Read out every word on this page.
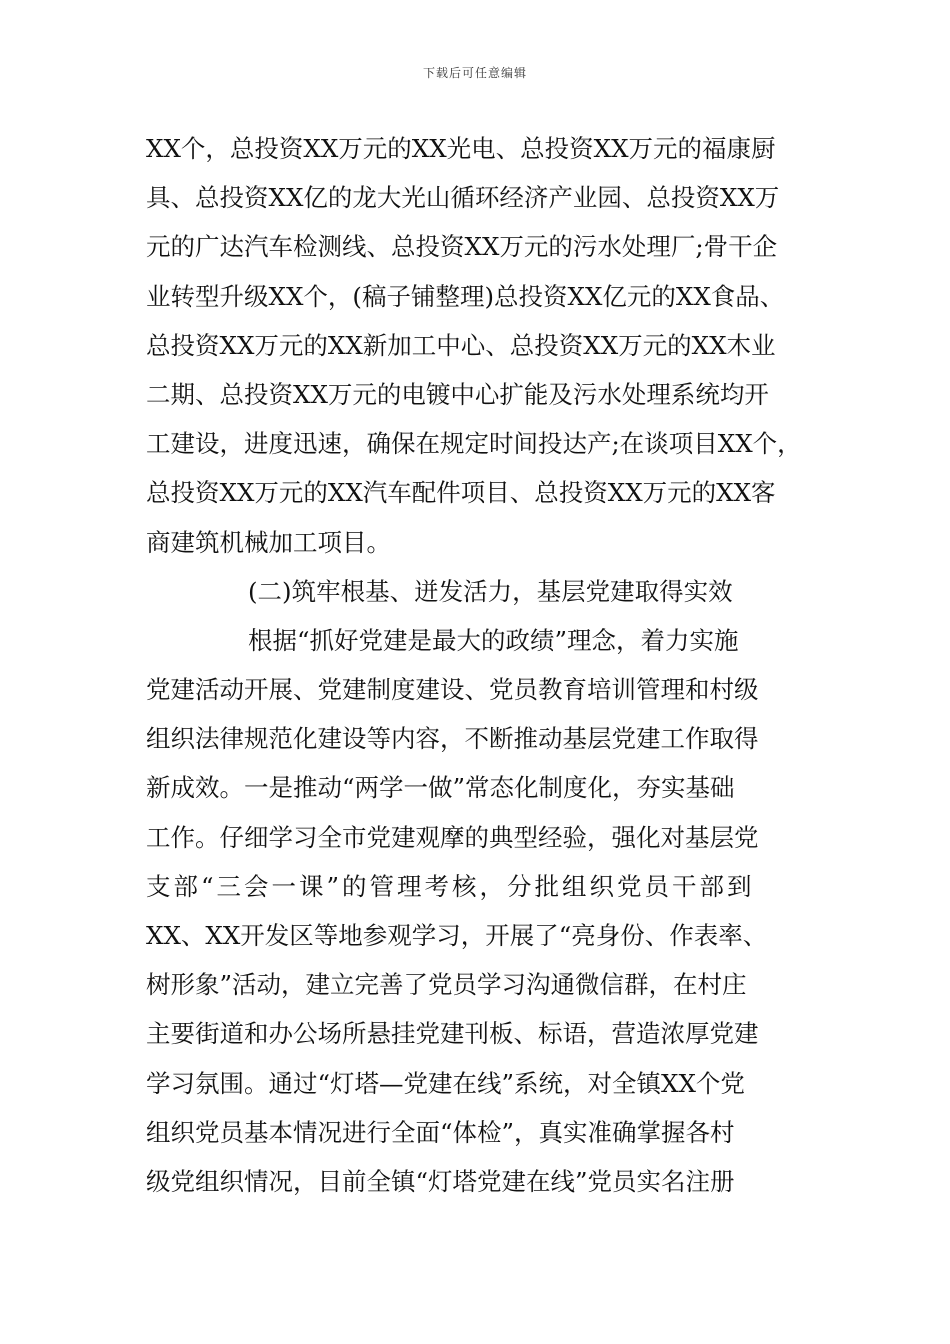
下载后可任意编辑
XX个，总投资XX万元的XX光电、总投资XX万元的福康厨
具、总投资XX亿的龙大光山循环经济产业园、总投资XX万
元的广达汽车检测线、总投资XX万元的污水处理厂;骨干企
业转型升级XX个，(稿子铺整理)总投资XX亿元的XX食品、
总投资XX万元的XX新加工中心、总投资XX万元的XX木业
二期、总投资XX万元的电镀中心扩能及污水处理系统均开
工建设，进度迅速，确保在规定时间投达产;在谈项目XX个，
总投资XX万元的XX汽车配件项目、总投资XX万元的XX客
商建筑机械加工项目。
(二)筑牢根基、迸发活力，基层党建取得实效
根据“抓好党建是最大的政绩”理念，着力实施
党建活动开展、党建制度建设、党员教育培训管理和村级
组织法律规范化建设等内容，不断推动基层党建工作取得
新成效。一是推动“两学一做”常态化制度化，夯实基础
工作。仔细学习全市党建观摩的典型经验，强化对基层党
支部“三会一课”的管理考核，分批组织党员干部到
XX、XX开发区等地参观学习，开展了“亮身份、作表率、
树形象”活动，建立完善了党员学习沟通微信群，在村庄
主要街道和办公场所悬挂党建刊板、标语，营造浓厚党建
学习氛围。通过“灯塔—党建在线”系统，对全镇XX个党
组织党员基本情况进行全面“体检”，真实准确掌握各村
级党组织情况，目前全镇“灯塔党建在线”党员实名注册
